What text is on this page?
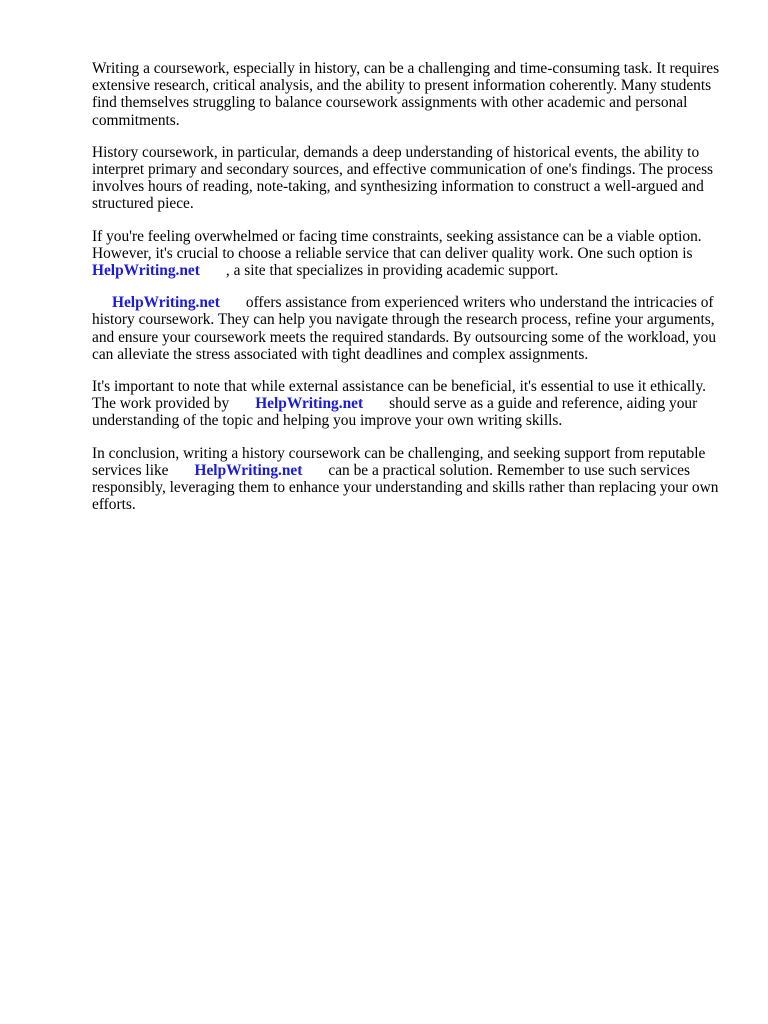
Writing a coursework, especially in history, can be a challenging and time-consuming task. It requires extensive research, critical analysis, and the ability to present information coherently. Many students find themselves struggling to balance coursework assignments with other academic and personal commitments.

History coursework, in particular, demands a deep understanding of historical events, the ability to interpret primary and secondary sources, and effective communication of one's findings. The process involves hours of reading, note-taking, and synthesizing information to construct a well-argued and structured piece.

If you're feeling overwhelmed or facing time constraints, seeking assistance can be a viable option. However, it's crucial to choose a reliable service that can deliver quality work. One such option is
HelpWriting.net , a site that specializes in providing academic support.

HelpWriting.net offers assistance from experienced writers who understand the intricacies of history coursework. They can help you navigate through the research process, refine your arguments, and ensure your coursework meets the required standards. By outsourcing some of the workload, you can alleviate the stress associated with tight deadlines and complex assignments.

It's important to note that while external assistance can be beneficial, it's essential to use it ethically. The work provided by HelpWriting.net should serve as a guide and reference, aiding your understanding of the topic and helping you improve your own writing skills.

In conclusion, writing a history coursework can be challenging, and seeking support from reputable services like HelpWriting.net can be a practical solution. Remember to use such services responsibly, leveraging them to enhance your understanding and skills rather than replacing your own efforts.
